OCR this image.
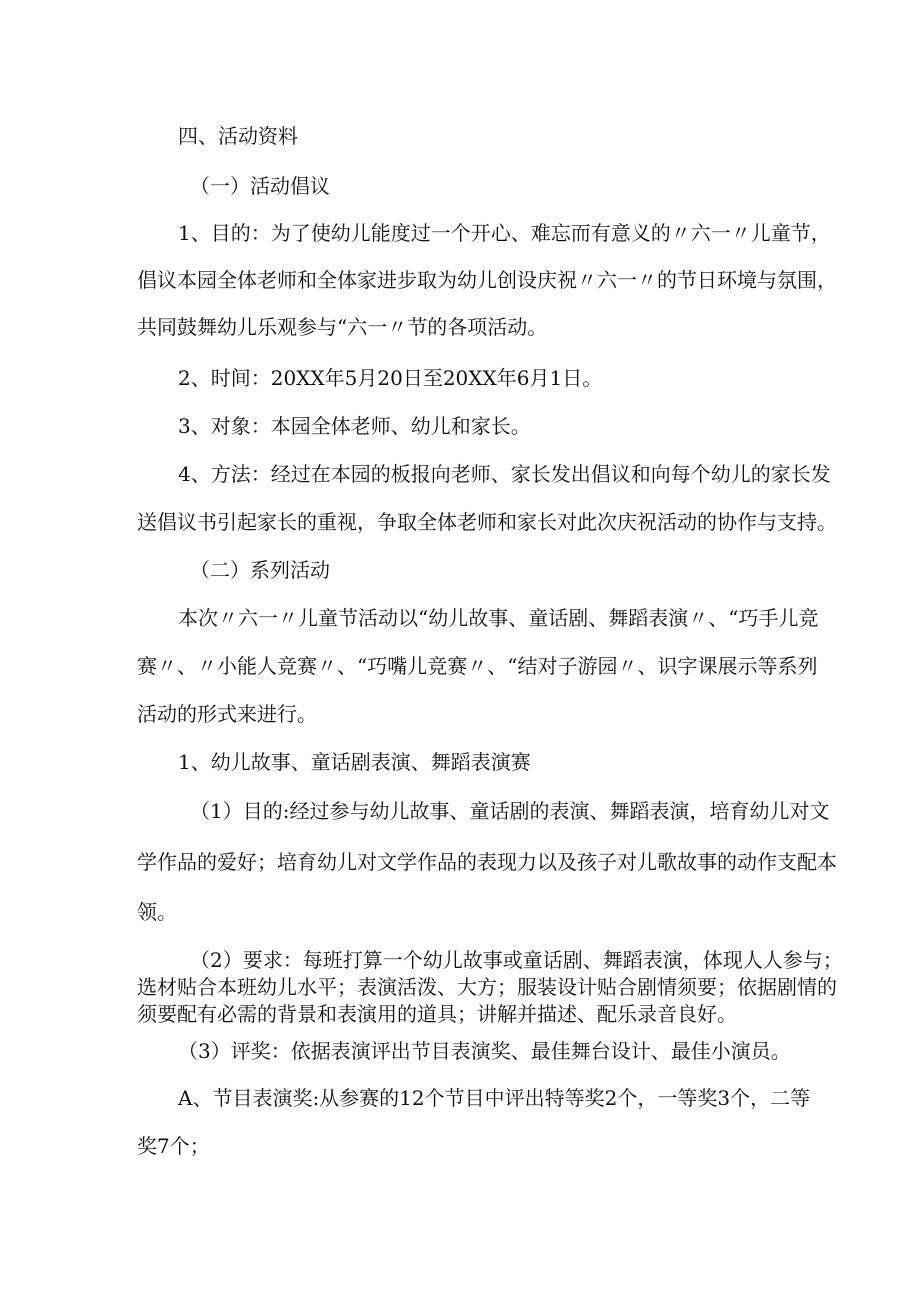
四、活动资料

（一）活动倡议

1、目的：为了使幼儿能度过一个开心、难忘而有意义的〃六一〃儿童节，

倡议本园全体老师和全体家进步取为幼儿创设庆祝〃六一〃的节日环境与氛围，

共同鼓舞幼儿乐观参与“六一〃节的各项活动。

2、时间：20XX年5月20日至20XX年6月1日。

3、对象：本园全体老师、幼儿和家长。

4、方法：经过在本园的板报向老师、家长发出倡议和向每个幼儿的家长发

送倡议书引起家长的重视，争取全体老师和家长对此次庆祝活动的协作与支持。

（二）系列活动

本次〃六一〃儿童节活动以“幼儿故事、童话剧、舞蹈表演〃、“巧手儿竞

赛〃、〃小能人竞赛〃、“巧嘴儿竞赛〃、“结对子游园〃、识字课展示等系列

活动的形式来进行。

1、幼儿故事、童话剧表演、舞蹈表演赛

（1）目的:经过参与幼儿故事、童话剧的表演、舞蹈表演，培育幼儿对文

学作品的爱好；培育幼儿对文学作品的表现力以及孩子对儿歌故事的动作支配本

领。

（2）要求：每班打算一个幼儿故事或童话剧、舞蹈表演，体现人人参与；

选材贴合本班幼儿水平；表演活泼、大方；服装设计贴合剧情须要；依据剧情的

须要配有必需的背景和表演用的道具；讲解并描述、配乐录音良好。

（3）评奖：依据表演评出节目表演奖、最佳舞台设计、最佳小演员。

A、节目表演奖:从参赛的12个节目中评出特等奖2个，一等奖3个，二等

奖7个；
